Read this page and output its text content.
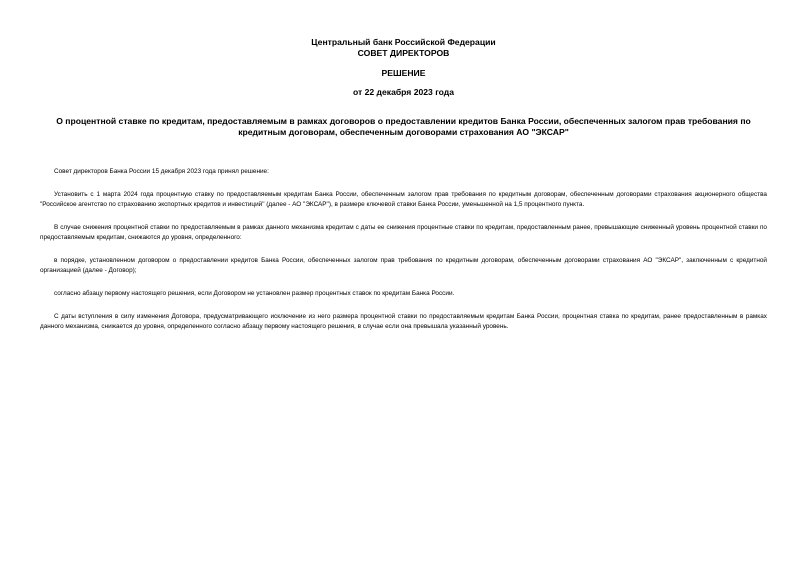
Центральный банк Российской Федерации
СОВЕТ ДИРЕКТОРОВ
РЕШЕНИЕ
от 22 декабря 2023 года
О процентной ставке по кредитам, предоставляемым в рамках договоров о предоставлении кредитов Банка России, обеспеченных залогом прав требования по кредитным договорам, обеспеченным договорами страхования АО "ЭКСАР"

Совет директоров Банка России 15 декабря 2023 года принял решение:

Установить с 1 марта 2024 года процентную ставку по предоставляемым кредитам Банка России, обеспеченным залогом прав требования по кредитным договорам, обеспеченным договорами страхования акционерного общества "Российское агентство по страхованию экспортных кредитов и инвестиций" (далее - АО "ЭКСАР"), в размере ключевой ставки Банка России, уменьшенной на 1,5 процентного пункта.

В случае снижения процентной ставки по предоставляемым в рамках данного механизма кредитам с даты ее снижения процентные ставки по кредитам, предоставленным ранее, превышающие сниженный уровень процентной ставки по предоставляемым кредитам, снижаются до уровня, определенного:

в порядке, установленном договором о предоставлении кредитов Банка России, обеспеченных залогом прав требования по кредитным договорам, обеспеченным договорами страхования АО "ЭКСАР", заключенным с кредитной организацией (далее - Договор);

согласно абзацу первому настоящего решения, если Договором не установлен размер процентных ставок по кредитам Банка России.

С даты вступления в силу изменения Договора, предусматривающего исключение из него размера процентной ставки по предоставляемым кредитам Банка России, процентная ставка по кредитам, ранее предоставленным в рамках данного механизма, снижается до уровня, определенного согласно абзацу первому настоящего решения, в случае если она превышала указанный уровень.
